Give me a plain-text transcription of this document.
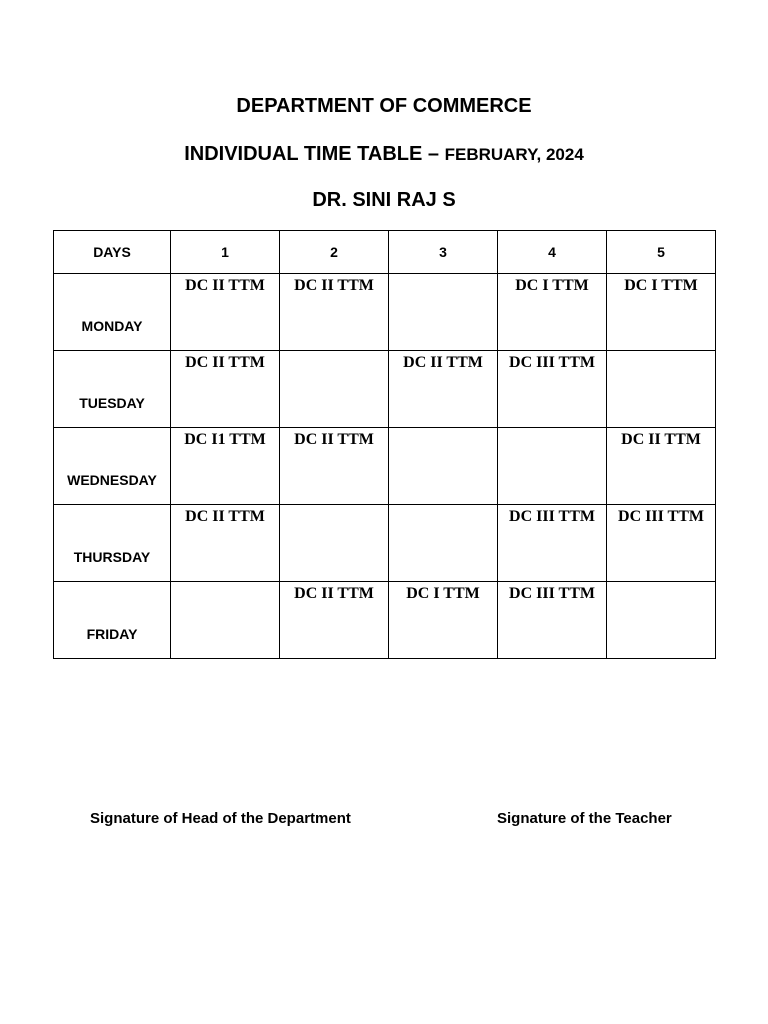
DEPARTMENT OF COMMERCE
INDIVIDUAL TIME TABLE – FEBRUARY, 2024
DR. SINI RAJ S
DAYS	1	2	3	4	5
MONDAY	DC II TTM	DC II TTM		DC I TTM	DC I TTM
TUESDAY	DC II TTM		DC II TTM	DC III TTM	
WEDNESDAY	DC I1 TTM	DC II TTM			DC II TTM
THURSDAY	DC II TTM			DC III TTM	DC III TTM
FRIDAY		DC II TTM	DC I TTM	DC III TTM	
Signature of Head of the Department	Signature of the Teacher
